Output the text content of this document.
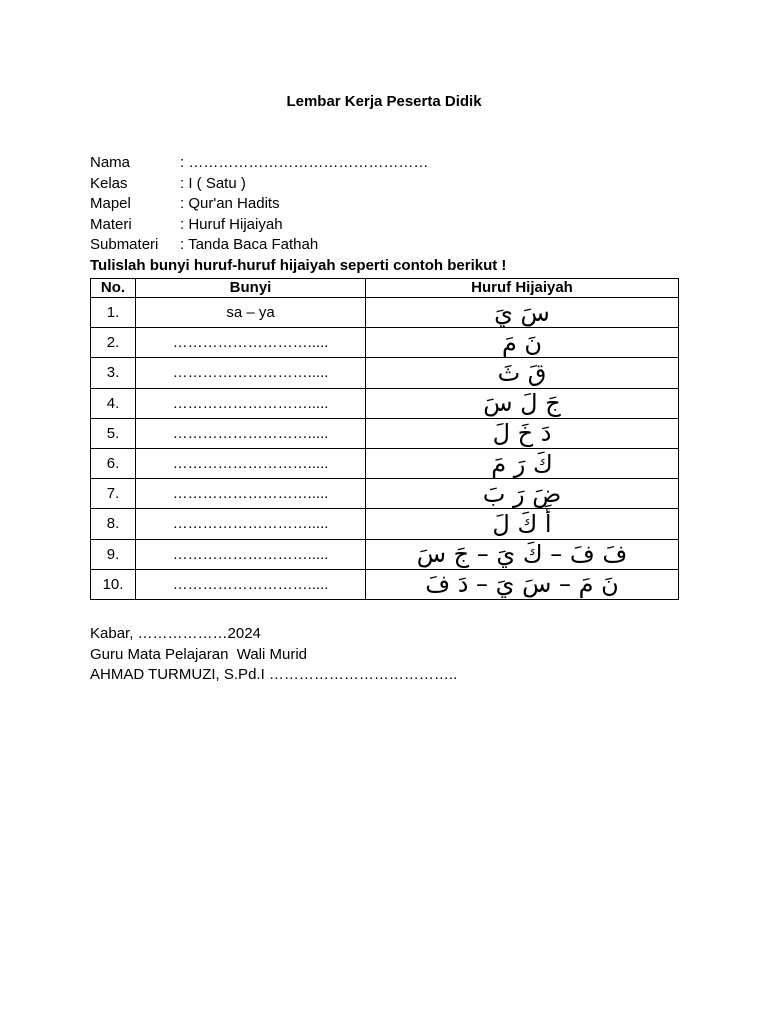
Lembar Kerja Peserta Didik
Nama	: …………………………………………
Kelas	: I ( Satu )
Mapel	: Qur'an Hadits
Materi	: Huruf Hijaiyah
Submateri : Tanda Baca Fathah
Tulislah bunyi huruf-huruf hijaiyah seperti contoh berikut !
No.	Bunyi	Huruf Hijaiyah
1.	sa – ya	سَ يَ
2.	……………………….....	نَ مَ
3.	……………………….....	قَ ثَ
4.	……………………….....	جَ لَ سَ
5.	……………………….....	دَ خَ لَ
6.	……………………….....	كَ رَ مَ
7.	……………………….....	ضَ رَ بَ
8.	……………………….....	أَ كَ لَ
9.	……………………….....	فَ فَ – كَ يَ – جَ سَ
10.	……………………….....	نَ مَ – سَ يَ – دَ فَ
Kabar, ………………2024
Guru Mata Pelajaran  Wali Murid
AHMAD TURMUZI, S.Pd.I ………………………………..
